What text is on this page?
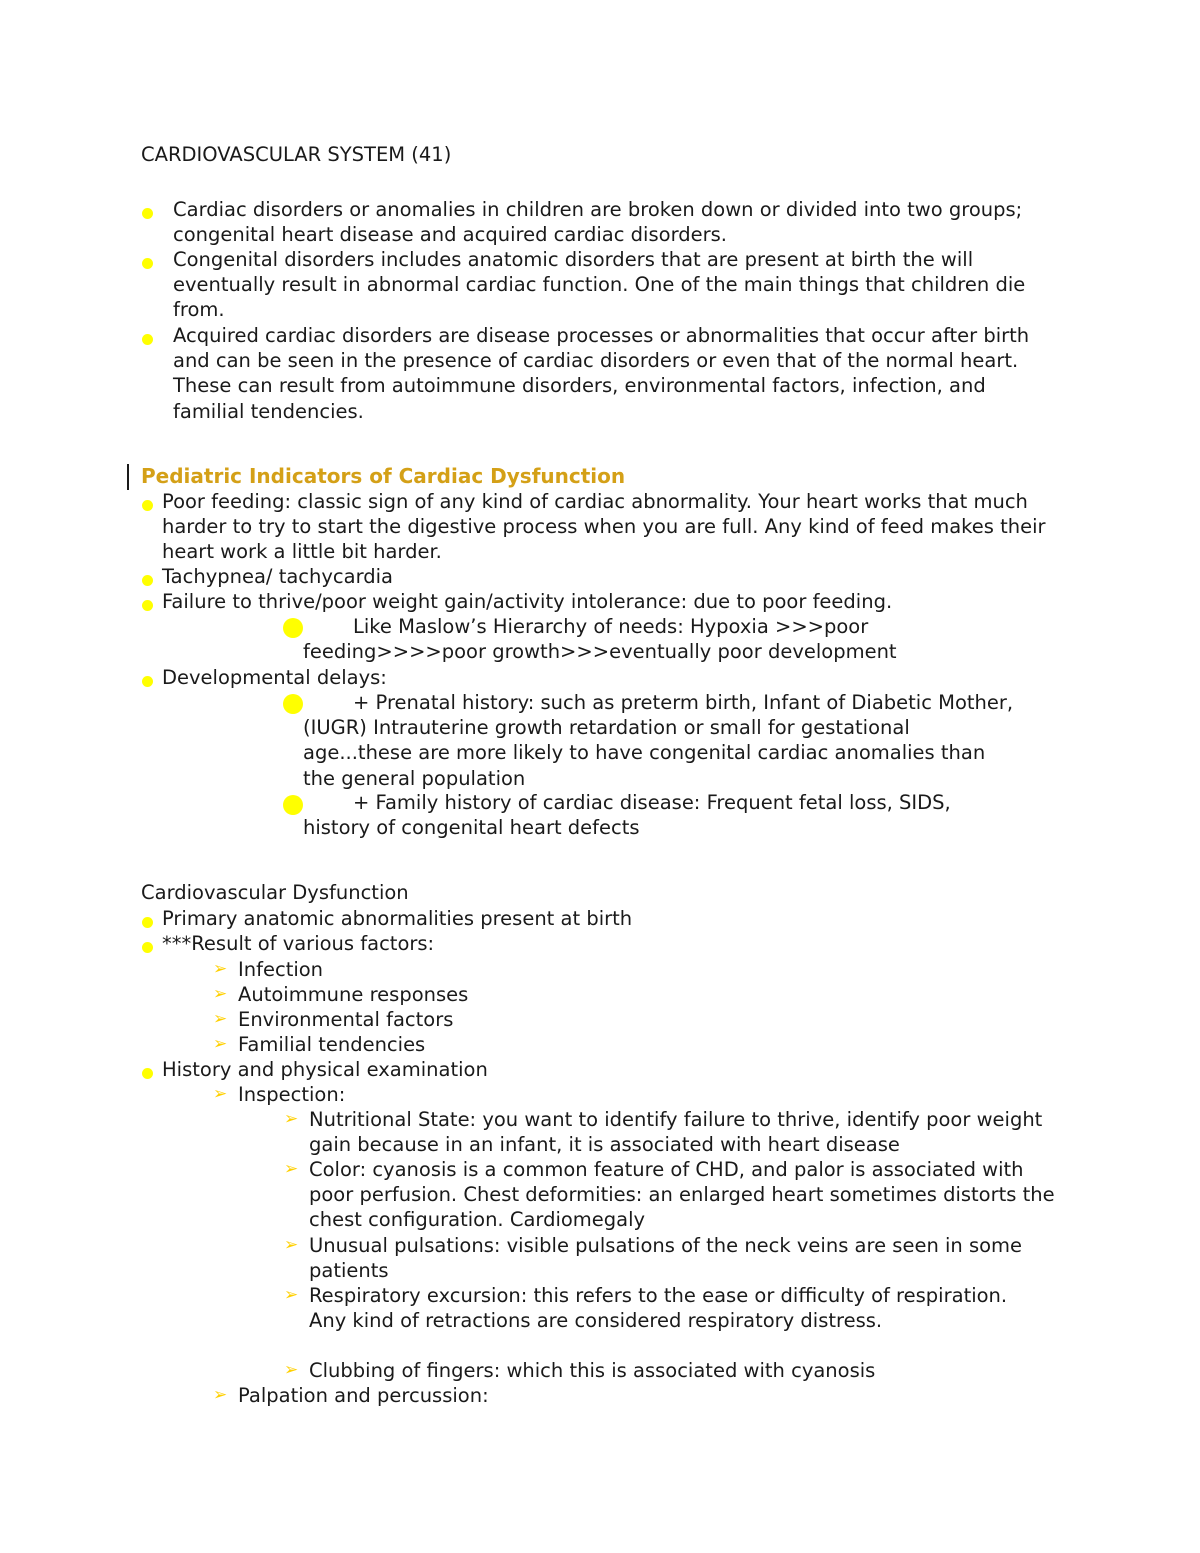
CARDIOVASCULAR SYSTEM (41)

Cardiac disorders or anomalies in children are broken down or divided into two groups; congenital heart disease and acquired cardiac disorders.

Congenital disorders includes anatomic disorders that are present at birth the will eventually result in abnormal cardiac function. One of the main things that children die from.

Acquired cardiac disorders are disease processes or abnormalities that occur after birth and can be seen in the presence of cardiac disorders or even that of the normal heart. These can result from autoimmune disorders, environmental factors, infection, and familial tendencies.

Pediatric Indicators of Cardiac Dysfunction

Poor feeding: classic sign of any kind of cardiac abnormality. Your heart works that much harder to try to start the digestive process when you are full. Any kind of feed makes their heart work a little bit harder.

Tachypnea/ tachycardia

Failure to thrive/poor weight gain/activity intolerance: due to poor feeding.

Like Maslow’s Hierarchy of needs: Hypoxia >>>poor feeding>>>>poor growth>>>eventually poor development

Developmental delays:

+ Prenatal history: such as preterm birth, Infant of Diabetic Mother, (IUGR) Intrauterine growth retardation or small for gestational age...these are more likely to have congenital cardiac anomalies than the general population

+ Family history of cardiac disease: Frequent fetal loss, SIDS, history of congenital heart defects

Cardiovascular Dysfunction
Primary anatomic abnormalities present at birth
***Result of various factors:
➢ Infection
➢ Autoimmune responses
➢ Environmental factors
➢ Familial tendencies
History and physical examination
➢ Inspection:
➢ Nutritional State: you want to identify failure to thrive, identify poor weight gain because in an infant, it is associated with heart disease

➢ Color: cyanosis is a common feature of CHD, and palor is associated with poor perfusion. Chest deformities: an enlarged heart sometimes distorts the chest configuration. Cardiomegaly

➢ Unusual pulsations: visible pulsations of the neck veins are seen in some patients

➢ Respiratory excursion: this refers to the ease or difficulty of respiration. Any kind of retractions are considered respiratory distress.

➢ Clubbing of fingers: which this is associated with cyanosis

➢ Palpation and percussion:
